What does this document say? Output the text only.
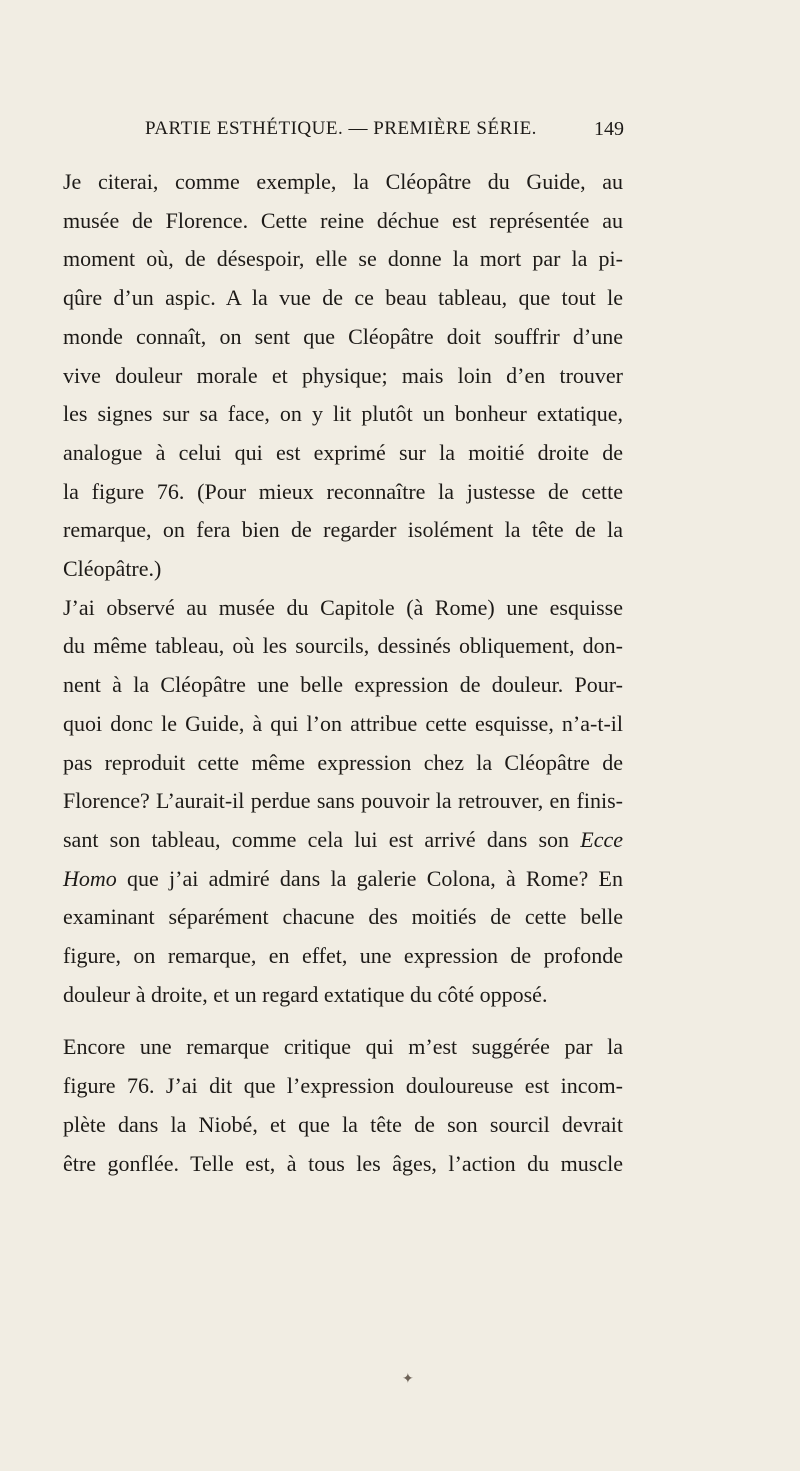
PARTIE ESTHÉTIQUE. — PREMIÈRE SÉRIE.	149

Je citerai, comme exemple, la Cléopâtre du Guide, au
musée de Florence. Cette reine déchue est représentée au
moment où, de désespoir, elle se donne la mort par la pi-
qûre d’un aspic. A la vue de ce beau tableau, que tout le
monde connaît, on sent que Cléopâtre doit souffrir d’une
vive douleur morale et physique; mais loin d’en trouver
les signes sur sa face, on y lit plutôt un bonheur extatique,
analogue à celui qui est exprimé sur la moitié droite de
la figure 76. (Pour mieux reconnaître la justesse de cette
remarque, on fera bien de regarder isolément la tête de la
Cléopâtre.)

J’ai observé au musée du Capitole (à Rome) une esquisse
du même tableau, où les sourcils, dessinés obliquement, don-
nent à la Cléopâtre une belle expression de douleur. Pour-
quoi donc le Guide, à qui l’on attribue cette esquisse, n’a-t-il
pas reproduit cette même expression chez la Cléopâtre de
Florence? L’aurait-il perdue sans pouvoir la retrouver, en finis-
sant son tableau, comme cela lui est arrivé dans son Ecce
Homo que j’ai admiré dans la galerie Colona, à Rome? En
examinant séparément chacune des moitiés de cette belle
figure, on remarque, en effet, une expression de profonde
douleur à droite, et un regard extatique du côté opposé.

Encore une remarque critique qui m’est suggérée par la
figure 76. J’ai dit que l’expression douloureuse est incom-
plète dans la Niobé, et que la tête de son sourcil devrait
être gonflée. Telle est, à tous les âges, l’action du muscle

✦
